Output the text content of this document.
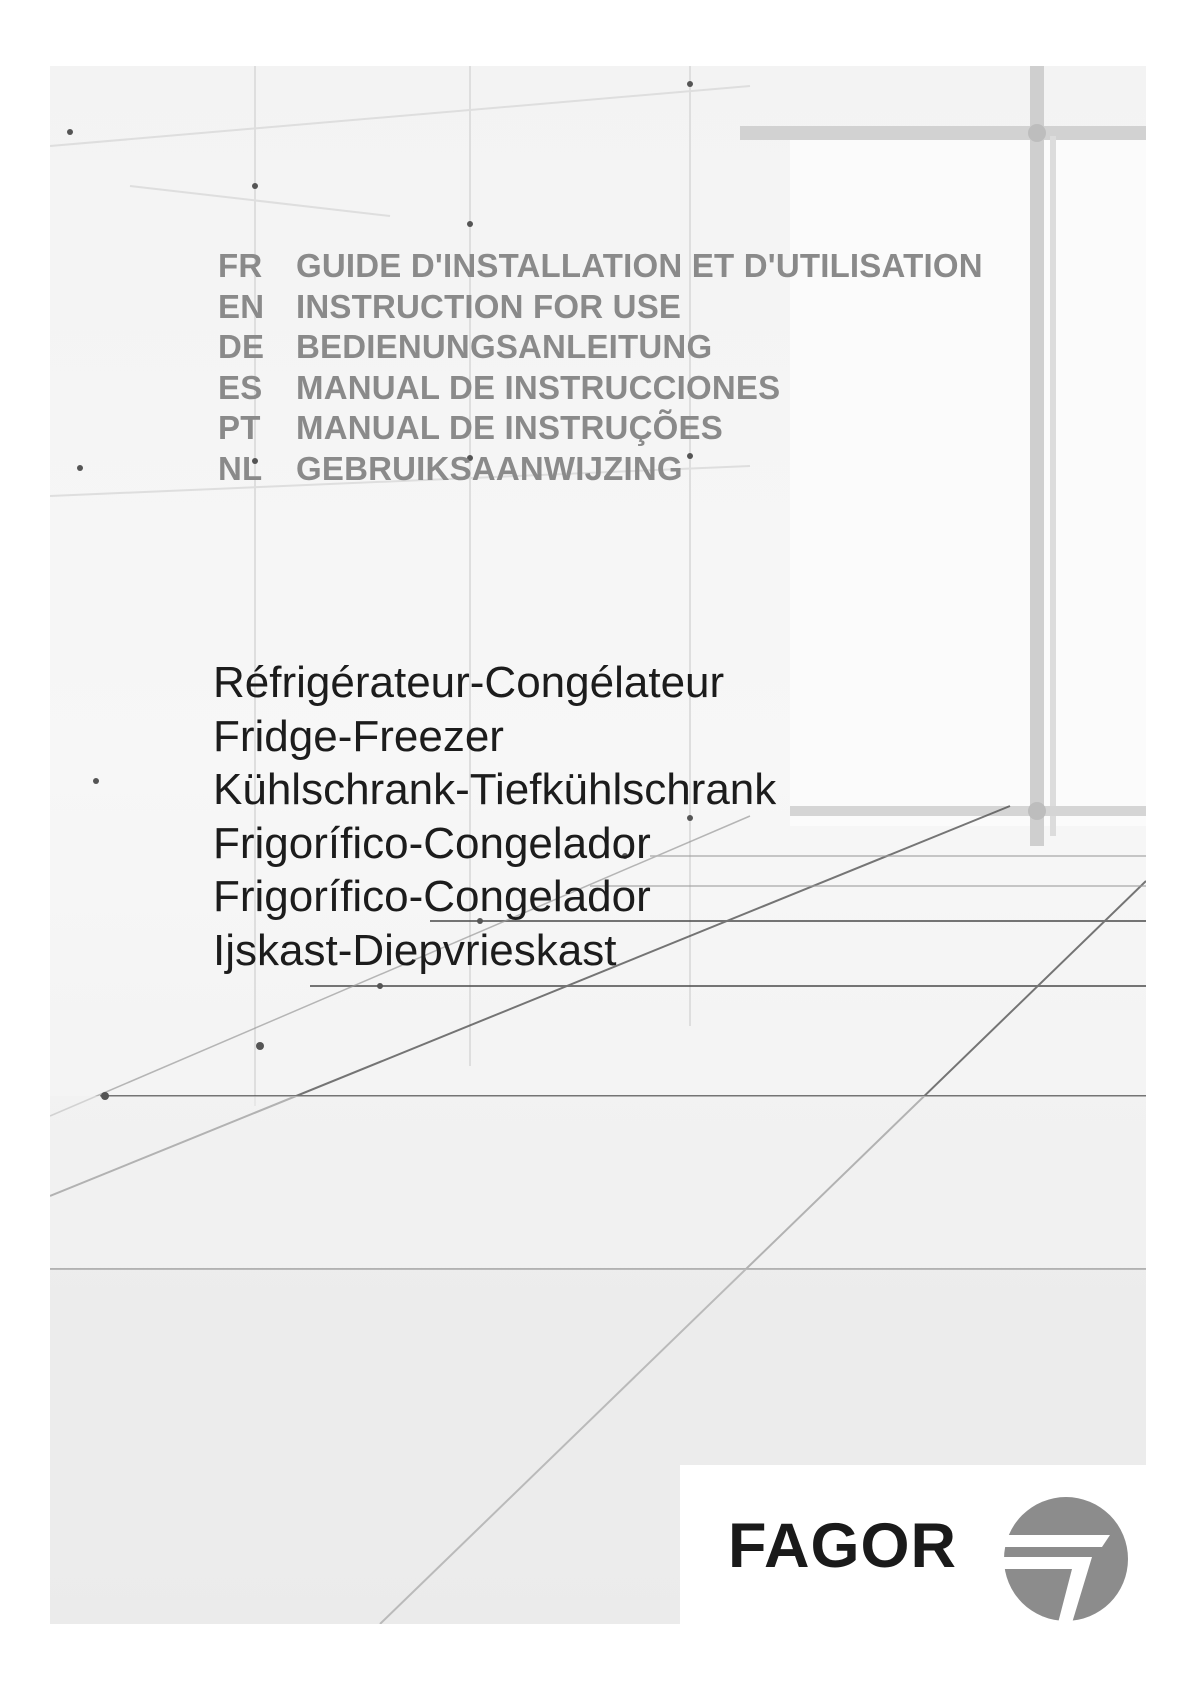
FR	GUIDE D'INSTALLATION ET D'UTILISATION
EN INSTRUCTION FOR USE
DE BEDIENUNGSANLEITUNG
ES	MANUAL DE INSTRUCCIONES
PT	MANUAL DE INSTRUÇÕES
NL	GEBRUIKSAANWIJZING
Réfrigérateur-Congélateur
Fridge-Freezer
Kühlschrank-Tiefkühlschrank
Frigorífico-Congelador
Frigorífico-Congelador
Ijskast-Diepvrieskast
FAGOR
